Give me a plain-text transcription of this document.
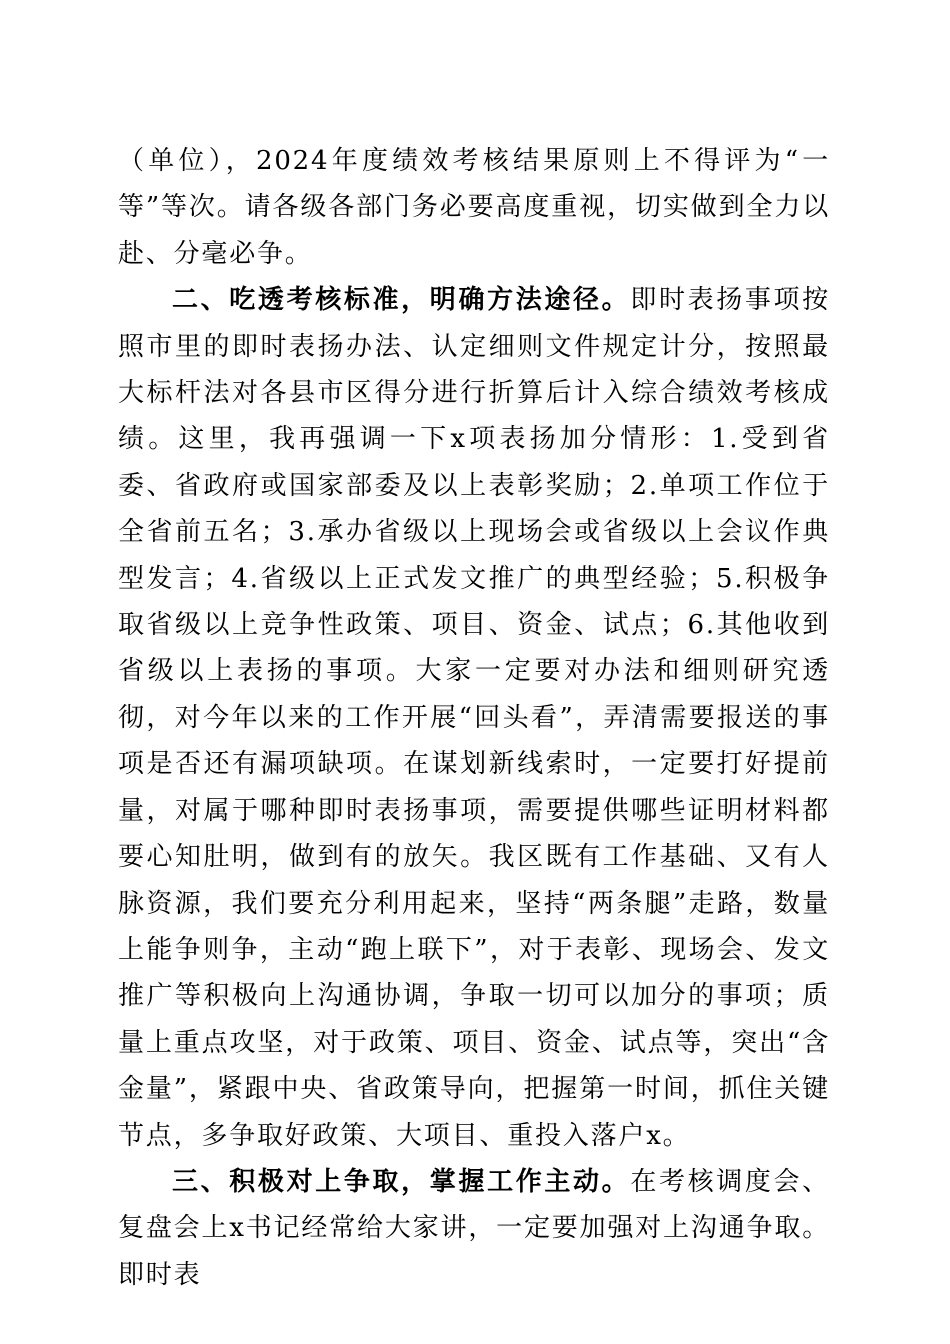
（单位），2024年度绩效考核结果原则上不得评为“一等”等次。请各级各部门务必要高度重视，切实做到全力以赴、分毫必争。

二、吃透考核标准，明确方法途径。即时表扬事项按照市里的即时表扬办法、认定细则文件规定计分，按照最大标杆法对各县市区得分进行折算后计入综合绩效考核成绩。这里，我再强调一下x项表扬加分情形：1.受到省委、省政府或国家部委及以上表彰奖励；2.单项工作位于全省前五名；3.承办省级以上现场会或省级以上会议作典型发言；4.省级以上正式发文推广的典型经验；5.积极争取省级以上竞争性政策、项目、资金、试点；6.其他收到省级以上表扬的事项。大家一定要对办法和细则研究透彻，对今年以来的工作开展“回头看”，弄清需要报送的事项是否还有漏项缺项。在谋划新线索时，一定要打好提前量，对属于哪种即时表扬事项，需要提供哪些证明材料都要心知肚明，做到有的放矢。我区既有工作基础、又有人脉资源，我们要充分利用起来，坚持“两条腿”走路，数量上能争则争，主动“跑上联下”，对于表彰、现场会、发文推广等积极向上沟通协调，争取一切可以加分的事项；质量上重点攻坚，对于政策、项目、资金、试点等，突出“含金量”，紧跟中央、省政策导向，把握第一时间，抓住关键节点，多争取好政策、大项目、重投入落户x。

三、积极对上争取，掌握工作主动。在考核调度会、复盘会上x书记经常给大家讲，一定要加强对上沟通争取。即时表
